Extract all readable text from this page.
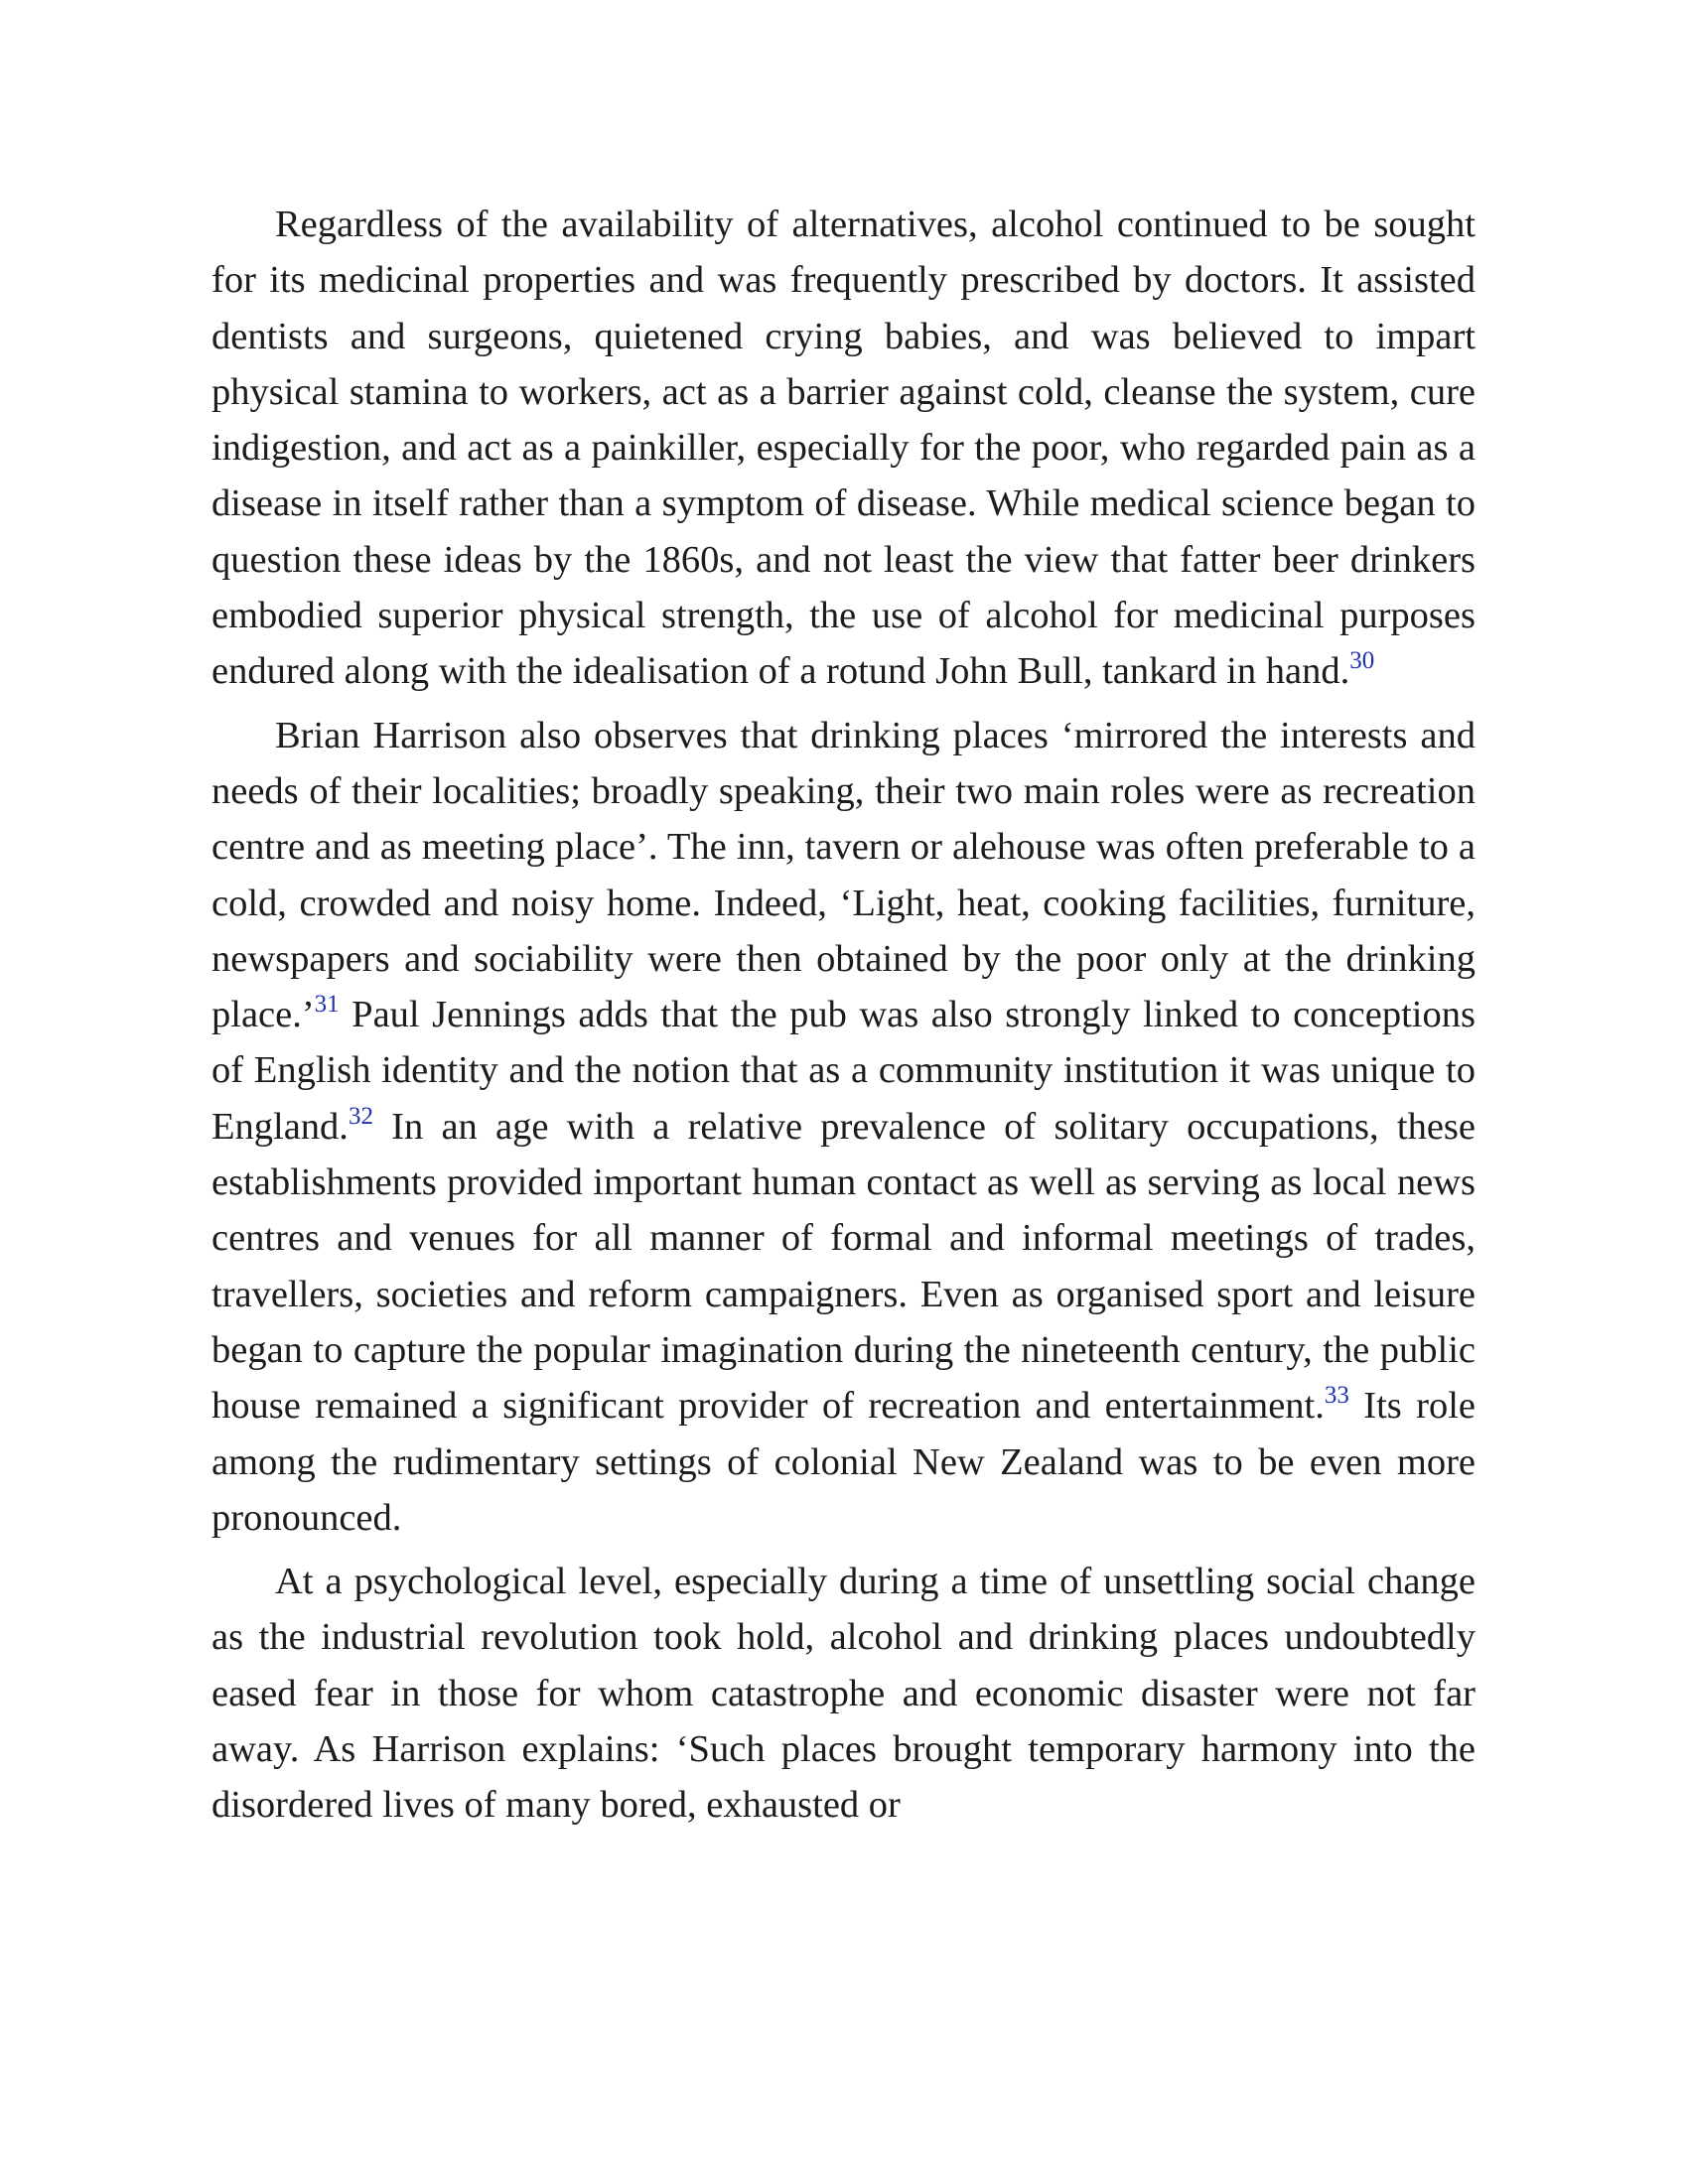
Regardless of the availability of alternatives, alcohol continued to be sought for its medicinal properties and was frequently prescribed by doctors. It assisted dentists and surgeons, quietened crying babies, and was believed to impart physical stamina to workers, act as a barrier against cold, cleanse the system, cure indigestion, and act as a painkiller, especially for the poor, who regarded pain as a disease in itself rather than a symptom of disease. While medical science began to question these ideas by the 1860s, and not least the view that fatter beer drinkers embodied superior physical strength, the use of alcohol for medicinal purposes endured along with the idealisation of a rotund John Bull, tankard in hand.$^{30}$

Brian Harrison also observes that drinking places ‘mirrored the interests and needs of their localities; broadly speaking, their two main roles were as recreation centre and as meeting place’. The inn, tavern or alehouse was often preferable to a cold, crowded and noisy home. Indeed, ‘Light, heat, cooking facilities, furniture, newspapers and sociability were then obtained by the poor only at the drinking place.’$^{31}$ Paul Jennings adds that the pub was also strongly linked to conceptions of English identity and the notion that as a community institution it was unique to England.$^{32}$ In an age with a relative prevalence of solitary occupations, these establishments provided important human contact as well as serving as local news centres and venues for all manner of formal and informal meetings of trades, travellers, societies and reform campaigners. Even as organised sport and leisure began to capture the popular imagination during the nineteenth century, the public house remained a significant provider of recreation and entertainment.$^{33}$ Its role among the rudimentary settings of colonial New Zealand was to be even more pronounced.

At a psychological level, especially during a time of unsettling social change as the industrial revolution took hold, alcohol and drinking places undoubtedly eased fear in those for whom catastrophe and economic disaster were not far away. As Harrison explains: ‘Such places brought temporary harmony into the disordered lives of many bored, exhausted or
